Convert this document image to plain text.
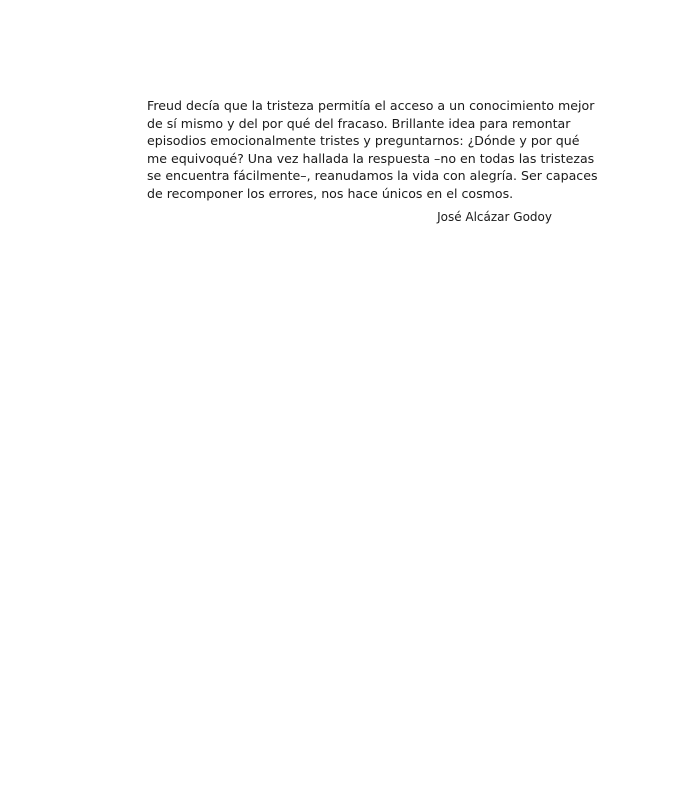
Freud decía que la tristeza permitía el acceso a un conocimiento mejor
de sí mismo y del por qué del fracaso. Brillante idea para remontar
episodios emocionalmente tristes y preguntarnos: ¿Dónde y por qué
me equivoqué? Una vez hallada la respuesta –no en todas las tristezas
se encuentra fácilmente–, reanudamos la vida con alegría. Ser capaces
de recomponer los errores, nos hace únicos en el cosmos.
José Alcázar Godoy
